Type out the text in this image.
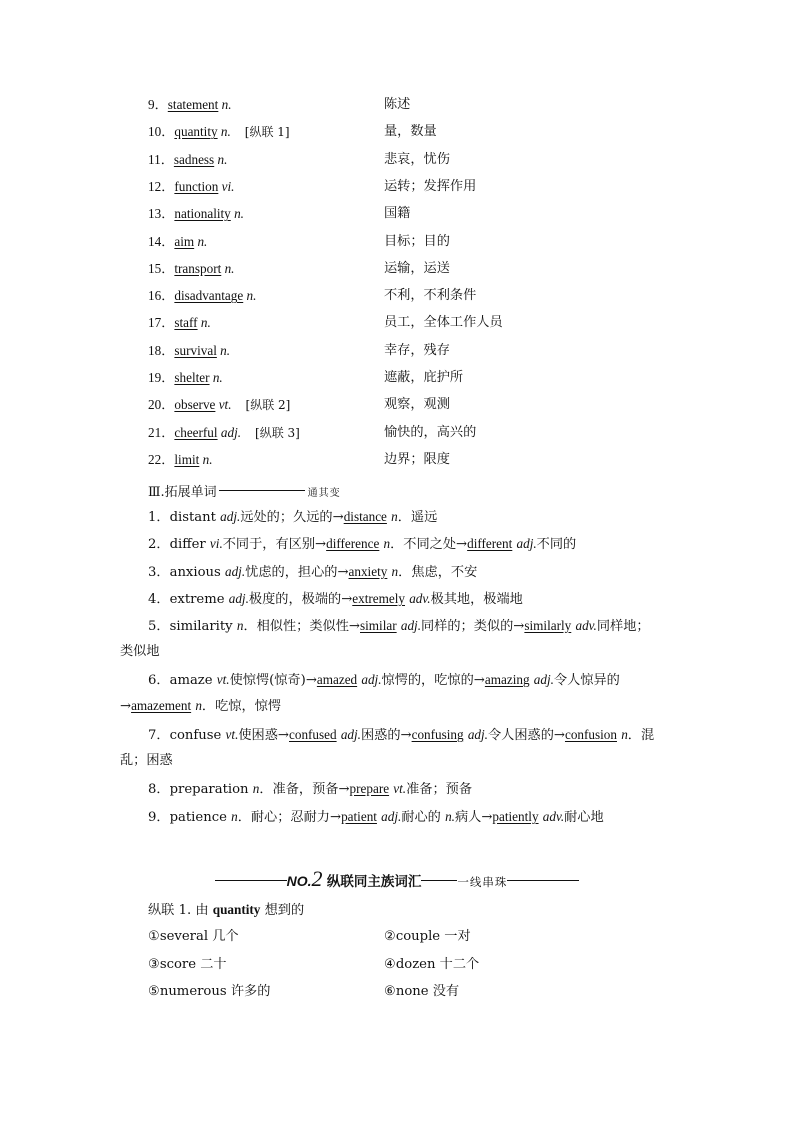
9．statement n.	陈述
10．quantity n. [纵联 1]	量，数量
11．sadness n.	悲哀，忧伤
12．function vi.	运转；发挥作用
13．nationality n.	国籍
14．aim n.	目标；目的
15．transport n.	运输，运送
16．disadvantage n.	不利，不利条件
17．staff n.	员工，全体工作人员
18．survival n.	幸存，残存
19．shelter n.	遮蔽，庇护所
20．observe vt. [纵联 2]	观察，观测
21．cheerful adj. [纵联 3]	愉快的，高兴的
22．limit n.	边界；限度
Ⅲ.拓展单词	通其变
1．distant adj.远处的；久远的→distance n．遥远
2．differ vi.不同于，有区别→difference n．不同之处→different adj.不同的
3．anxious adj.忧虑的，担心的→anxiety n．焦虑，不安
4．extreme adj.极度的，极端的→extremely adv.极其地，极端地
5．similarity n．相似性；类似性→similar adj.同样的；类似的→similarly adv.同样地；
类似地
6．amaze vt.使惊愕(惊奇)→amazed adj.惊愕的，吃惊的→amazing adj.令人惊异的
→amazement n．吃惊，惊愕
7．confuse vt.使困惑→confused adj.困惑的→confusing adj.令人困惑的→confusion n．混
乱；困惑
8．preparation n．准备，预备→prepare vt.准备；预备
9．patience n．耐心；忍耐力→patient adj.耐心的 n.病人→patiently adv.耐心地
NO.2 纵联同主族词汇	一线串珠
纵联 1. 由 quantity 想到的
①several 几个	②couple 一对
③score 二十	④dozen 十二个
⑤numerous 许多的	⑥none 没有
